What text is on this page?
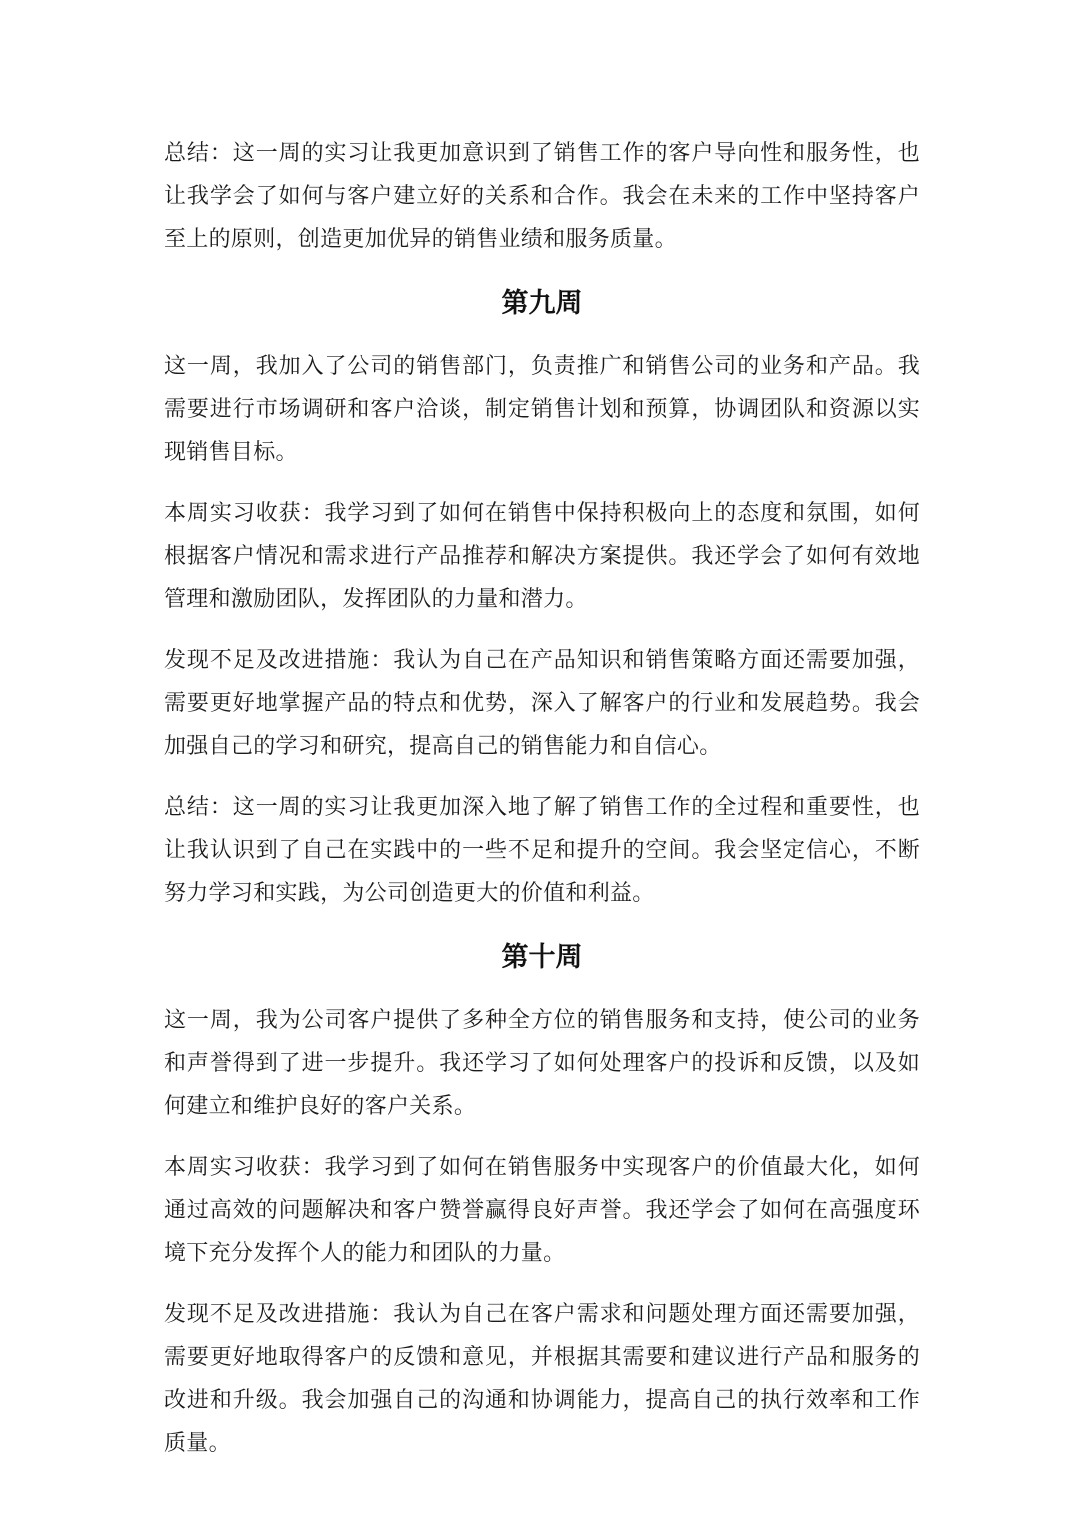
总结：这一周的实习让我更加意识到了销售工作的客户导向性和服务性，也让我学会了如何与客户建立好的关系和合作。我会在未来的工作中坚持客户至上的原则，创造更加优异的销售业绩和服务质量。

第九周

这一周，我加入了公司的销售部门，负责推广和销售公司的业务和产品。我需要进行市场调研和客户洽谈，制定销售计划和预算，协调团队和资源以实现销售目标。

本周实习收获：我学习到了如何在销售中保持积极向上的态度和氛围，如何根据客户情况和需求进行产品推荐和解决方案提供。我还学会了如何有效地管理和激励团队，发挥团队的力量和潜力。

发现不足及改进措施：我认为自己在产品知识和销售策略方面还需要加强，需要更好地掌握产品的特点和优势，深入了解客户的行业和发展趋势。我会加强自己的学习和研究，提高自己的销售能力和自信心。

总结：这一周的实习让我更加深入地了解了销售工作的全过程和重要性，也让我认识到了自己在实践中的一些不足和提升的空间。我会坚定信心，不断努力学习和实践，为公司创造更大的价值和利益。

第十周

这一周，我为公司客户提供了多种全方位的销售服务和支持，使公司的业务和声誉得到了进一步提升。我还学习了如何处理客户的投诉和反馈，以及如何建立和维护良好的客户关系。

本周实习收获：我学习到了如何在销售服务中实现客户的价值最大化，如何通过高效的问题解决和客户赞誉赢得良好声誉。我还学会了如何在高强度环境下充分发挥个人的能力和团队的力量。

发现不足及改进措施：我认为自己在客户需求和问题处理方面还需要加强，需要更好地取得客户的反馈和意见，并根据其需要和建议进行产品和服务的改进和升级。我会加强自己的沟通和协调能力，提高自己的执行效率和工作质量。
